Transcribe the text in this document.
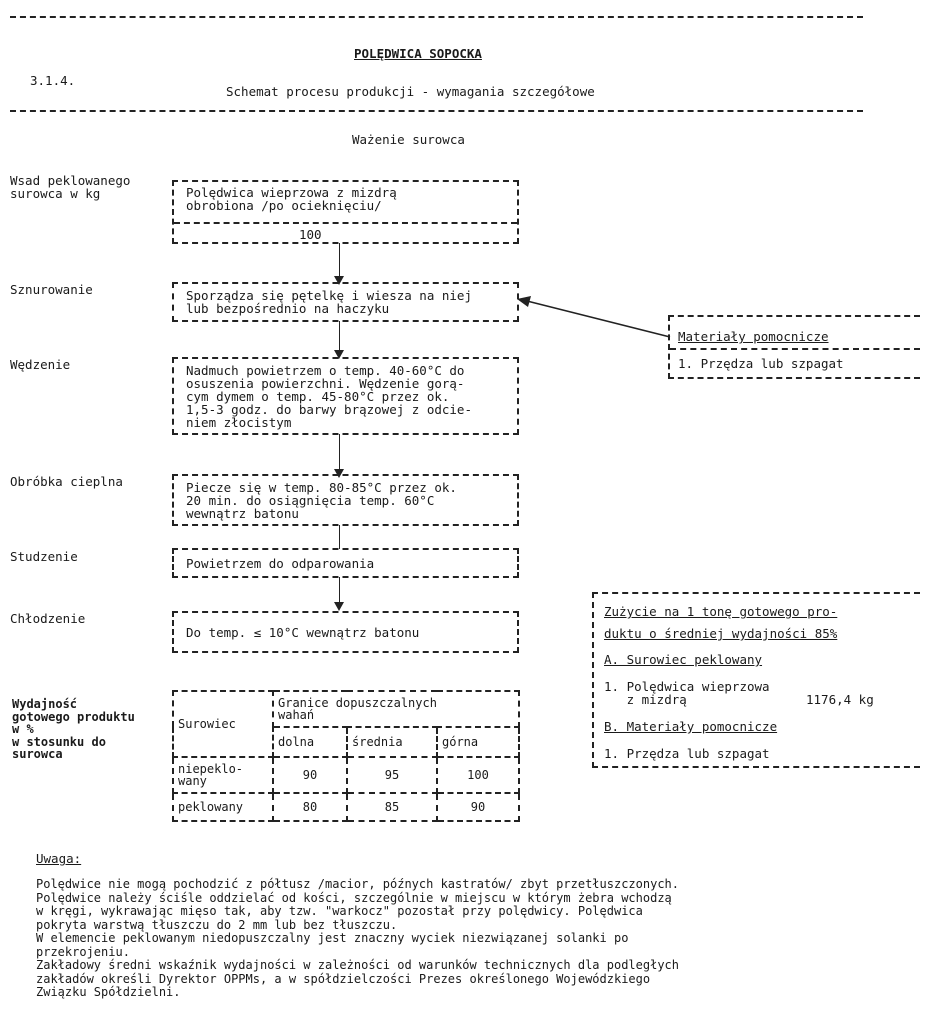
POLĘDWICA SOPOCKA
3.1.4.
Schemat procesu produkcji - wymagania szczegółowe
Ważenie surowca
Wsad peklowanego
surowca w kg	Polędwica wieprzowa z mizdrą
obrobiona /po ocieknięciu/
100
Sznurowanie	Sporządza się pętelkę i wiesza na niej
lub bezpośrednio na haczyku
Materiały pomocnicze
1. Przędza lub szpagat
Wędzenie	Nadmuch powietrzem o temp. 40-60°C do
osuszenia powierzchni. Wędzenie gorą-
cym dymem o temp. 45-80°C przez ok.
1,5-3 godz. do barwy brązowej z odcie-
niem złocistym
Obróbka cieplna	Piecze się w temp. 80-85°C przez ok.
20 min. do osiągnięcia temp. 60°C
wewnątrz batonu
Studzenie	Powietrzem do odparowania
Chłodzenie
Do temp. ≤ 10°C wewnątrz batonu
Wydajność
gotowego produktu
w %
w stosunku do
surowca
Surowiec	Granice dopuszczalnych
wahań		
	dolna	średnia	górna
niepeklo-
wany	90	95	100
peklowany	80	85	90
Zużycie na 1 tonę gotowego pro-
duktu o średniej wydajności 85%
A. Surowiec peklowany
1. Polędwica wieprzowa
z mizdrą	1176,4 kg
B. Materiały pomocnicze
1. Przędza lub szpagat
Uwaga:
Polędwice nie mogą pochodzić z półtusz /macior, późnych kastratów/ zbyt przetłuszczonych.
Polędwice należy ściśle oddzielać od kości, szczególnie w miejscu w którym żebra wchodzą
w kręgi, wykrawając mięso tak, aby tzw. "warkocz" pozostał przy polędwicy. Polędwica
pokryta warstwą tłuszczu do 2 mm lub bez tłuszczu.
W elemencie peklowanym niedopuszczalny jest znaczny wyciek niezwiązanej solanki po
przekrojeniu.
Zakładowy średni wskaźnik wydajności w zależności od warunków technicznych dla podległych
zakładów określi Dyrektor OPPMs, a w spółdzielczości Prezes określonego Wojewódzkiego
Związku Spółdzielni.
